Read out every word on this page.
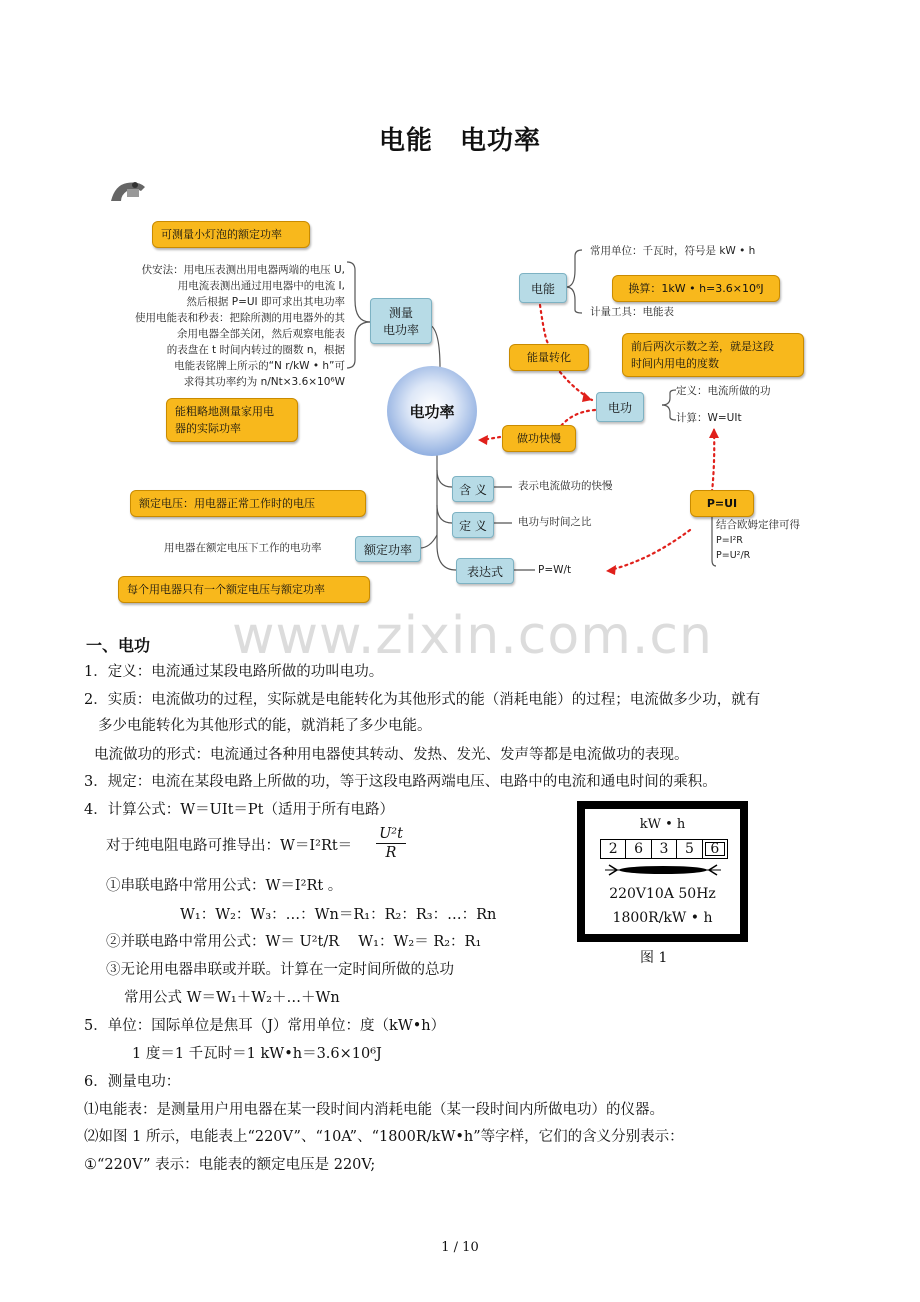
电能　电功率
可测量小灯泡的额定功率
伏安法：用电压表测出用电器两端的电压 U,
用电流表测出通过用电器中的电流 I,
然后根据 P=UI 即可求出其电功率
使用电能表和秒表：把除所测的用电器外的其
余用电器全部关闭，然后观察电能表
的表盘在 t 时间内转过的圈数 n，根据
电能表铭牌上所示的“N r/kW • h”可
求得其功率约为 n/Nt×3.6×10⁶W
能粗略地测量家用电
器的实际功率
测量
电功率
电功率
电能
常用单位：千瓦时，符号是 kW • h
换算：1kW • h=3.6×10⁶J
计量工具：电能表
前后两次示数之差，就是这段
时间内用电的度数
能量转化
电功
定义：电流所做的功
计算：W=UIt
做功快慢
含 义	表示电流做功的快慢
定 义	电功与时间之比
表达式	P=W/t
P=UI
结合欧姆定律可得
P=I²R
P=U²/R
额定电压：用电器正常工作时的电压
用电器在额定电压下工作的电功率	额定功率
每个用电器只有一个额定电压与额定功率
www.zixin.com.cn
一、电功
1．定义：电流通过某段电路所做的功叫电功。
2．实质：电流做功的过程，实际就是电能转化为其他形式的能（消耗电能）的过程；电流做多少功，就有
多少电能转化为其他形式的能，就消耗了多少电能。
电流做功的形式：电流通过各种用电器使其转动、发热、发光、发声等都是电流做功的表现。
3．规定：电流在某段电路上所做的功，等于这段电路两端电压、电路中的电流和通电时间的乘积。
4．计算公式：W＝UIt＝Pt（适用于所有电路）
对于纯电阻电路可推导出：$W=I^2Rt= \frac{\text{U²t}}{R}$
①串联电路中常用公式：W＝I²Rt 。
W₁：W₂：W₃：…：Wn＝R₁：R₂：R₃：…：Rn
②并联电路中常用公式：W＝ U²t/R　 W₁：W₂＝ R₂：R₁
③无论用电器串联或并联。计算在一定时间所做的总功
常用公式 W＝W₁＋W₂＋…＋Wn
5．单位：国际单位是焦耳（J）常用单位：度（kW•h）
1 度＝1 千瓦时＝1 kW•h＝3.6×10⁶J
6．测量电功：
⑴电能表：是测量用户用电器在某一段时间内消耗电能（某一段时间内所做电功）的仪器。
⑵如图 1 所示，电能表上“220V”、“10A”、“1800R/kW•h”等字样，它们的含义分别表示：
①“220V” 表示：电能表的额定电压是 220V;
kW • h
2	6	3	5	6
220V10A 50Hz
1800R/kW • h
图 1
1 / 10
